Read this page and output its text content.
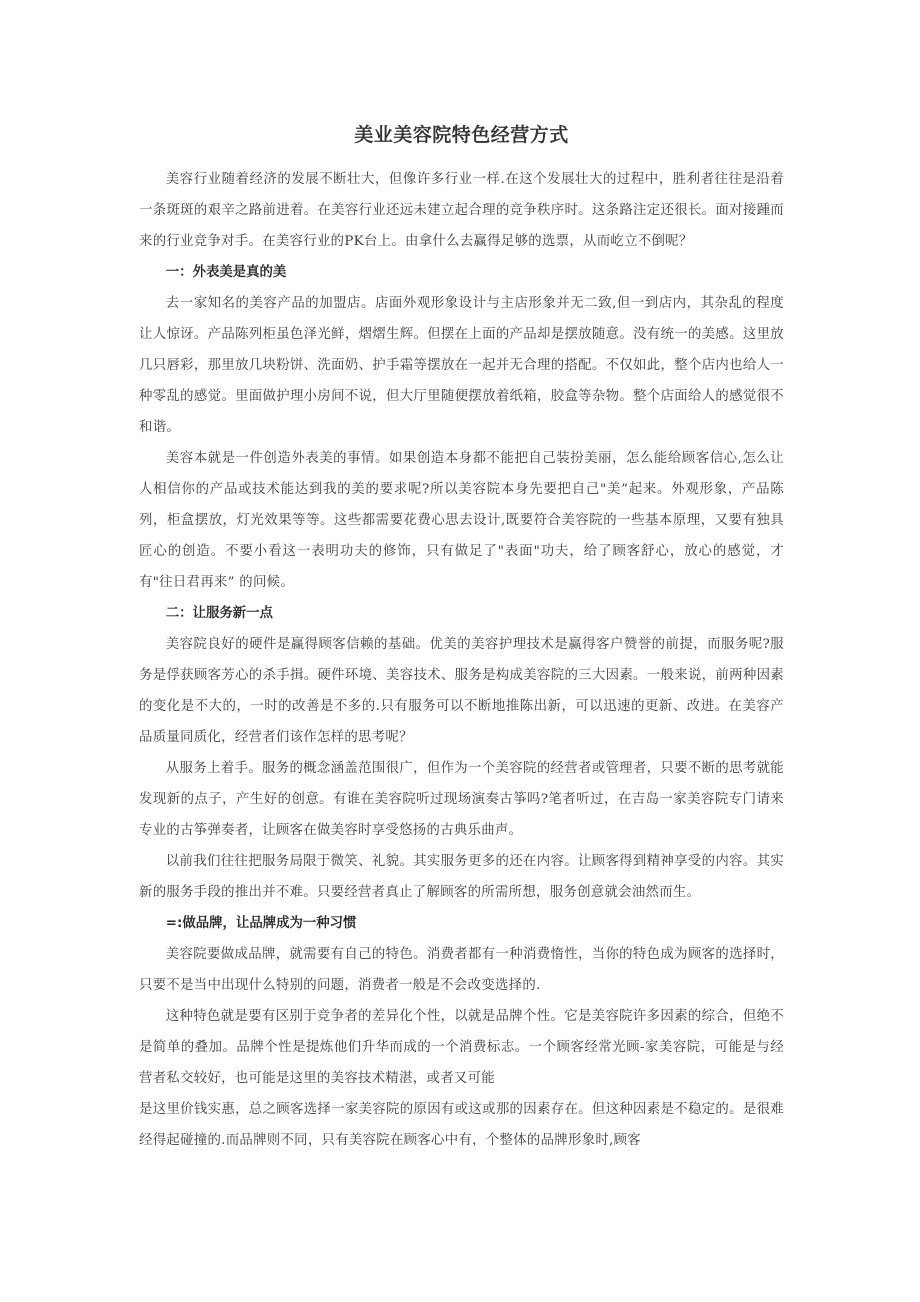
美业美容院特色经营方式

美容行业随着经济的发展不断壮大，但像许多行业一样.在这个发展壮大的过程中，胜利者往往是沿着一条斑斑的艰辛之路前进着。在美容行业还远未建立起合理的竞争秩序时。这条路注定还很长。面对接踵而来的行业竞争对手。在美容行业的PK台上。由拿什么去赢得足够的选票，从而屹立不倒呢？

一：外表美是真的美

去一家知名的美容产品的加盟店。店面外观形象设计与主店形象并无二致,但一到店内，其杂乱的程度让人惊讶。产品陈列柜虽色泽光鲜，熠熠生辉。但摆在上面的产品却是摆放随意。没有统一的美感。这里放几只唇彩，那里放几块粉饼、洗面奶、护手霜等摆放在一起并无合理的搭配。不仅如此，整个店内也给人一种零乱的感觉。里面做护理小房间不说，但大厅里随便摆放着纸箱，胶盒等杂物。整个店面给人的感觉很不和谐。

美容本就是一件创造外表美的事情。如果创造本身都不能把自己装扮美丽，怎么能给顾客信心,怎么让人相信你的产品或技术能达到我的美的要求呢?所以美容院本身先要把自己"美”起来。外观形象，产品陈列，柜盒摆放，灯光效果等等。这些都需要花费心思去设计,既要符合美容院的一些基本原理，又要有独具匠心的创造。不要小看这一表明功夫的修饰，只有做足了"表面"功夫，给了顾客舒心，放心的感觉，才有"往日君再来” 的问候。

二：让服务新一点

美容院良好的硬件是赢得顾客信赖的基础。优美的美容护理技术是赢得客户赞誉的前提，而服务呢?服务是俘获顾客芳心的杀手揖。硬件环境、美容技术、服务是构成美容院的三大因素。一般来说，前两种因素的变化是不大的，一时的改善是不多的.只有服务可以不断地推陈出新，可以迅速的更新、改进。在美容产品质量同质化，经营者们该作怎样的思考呢？

从服务上着手。服务的概念涵盖范围很广，但作为一个美容院的经营者或管理者，只要不断的思考就能发现新的点子，产生好的创意。有谁在美容院听过现场演奏古筝吗?笔者听过，在吉岛一家美容院专门请来专业的古筝弹奏者，让顾客在做美容时享受悠扬的古典乐曲声。

以前我们往往把服务局限于微笑、礼貌。其实服务更多的还在内容。让顾客得到精神享受的内容。其实新的服务手段的推出并不难。只要经营者真止了解顾客的所需所想，服务创意就会油然而生。

=:做品牌，让品牌成为一种习惯

美容院要做成品牌，就需要有自己的特色。消费者都有一种消费惰性，当你的特色成为顾客的选择时，只要不是当中出现什么特别的问题，消费者一般是不会改变选择的.

这种特色就是要有区别于竞争者的差异化个性，以就是品牌个性。它是美容院许多因素的综合，但绝不是简单的叠加。品牌个性是提炼他们升华而成的一个消费标志。一个顾客经常光顾-家美容院，可能是与经营者私交较好，也可能是这里的美容技术精湛，或者又可能

是这里价钱实惠，总之顾客选择一家美容院的原因有或这或那的因素存在。但这种因素是不稳定的。是很难经得起碰撞的.而品牌则不同，只有美容院在顾客心中有，个整体的品牌形象时,顾客
